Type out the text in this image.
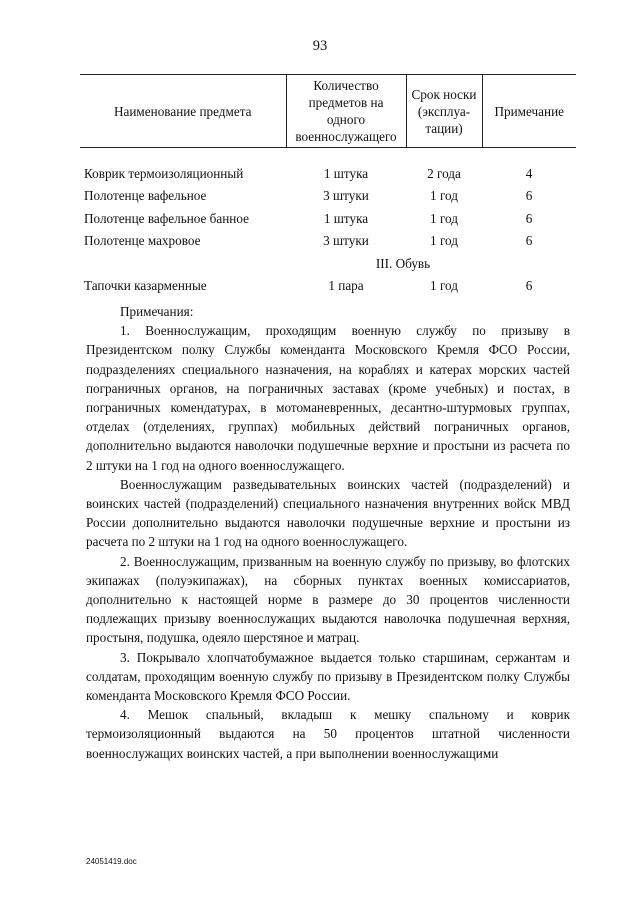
93
Наименование предмета	Количество предметов на одного военнослужащего	Срок носки (эксплуа-тации)	Примечание
Коврик термоизоляционный	1 штука	2 года	4
Полотенце вафельное	3 штуки	1 год	6
Полотенце вафельное банное	1 штука	1 год	6
Полотенце махровое	3 штуки	1 год	6
III. Обувь			
Тапочки казарменные	1 пара	1 год	6

Примечания:

1. Военнослужащим, проходящим военную службу по призыву в Президентском полку Службы коменданта Московского Кремля ФСО России, подразделениях специального назначения, на кораблях и катерах морских частей пограничных органов, на пограничных заставах (кроме учебных) и постах, в пограничных комендатурах, в мотоманевренных, десантно-штурмовых группах, отделах (отделениях, группах) мобильных действий пограничных органов, дополнительно выдаются наволочки подушечные верхние и простыни из расчета по 2 штуки на 1 год на одного военнослужащего.

Военнослужащим разведывательных воинских частей (подразделений) и воинских частей (подразделений) специального назначения внутренних войск МВД России дополнительно выдаются наволочки подушечные верхние и простыни из расчета по 2 штуки на 1 год на одного военнослужащего.

2. Военнослужащим, призванным на военную службу по призыву, во флотских экипажах (полуэкипажах), на сборных пунктах военных комиссариатов, дополнительно к настоящей норме в размере до 30 процентов численности подлежащих призыву военнослужащих выдаются наволочка подушечная верхняя, простыня, подушка, одеяло шерстяное и матрац.

3. Покрывало хлопчатобумажное выдается только старшинам, сержантам и солдатам, проходящим военную службу по призыву в Президентском полку Службы коменданта Московского Кремля ФСО России.

4. Мешок спальный, вкладыш к мешку спальному и коврик термоизоляционный выдаются на 50 процентов штатной численности военнослужащих воинских частей, а при выполнении военнослужащими

24051419.doc
